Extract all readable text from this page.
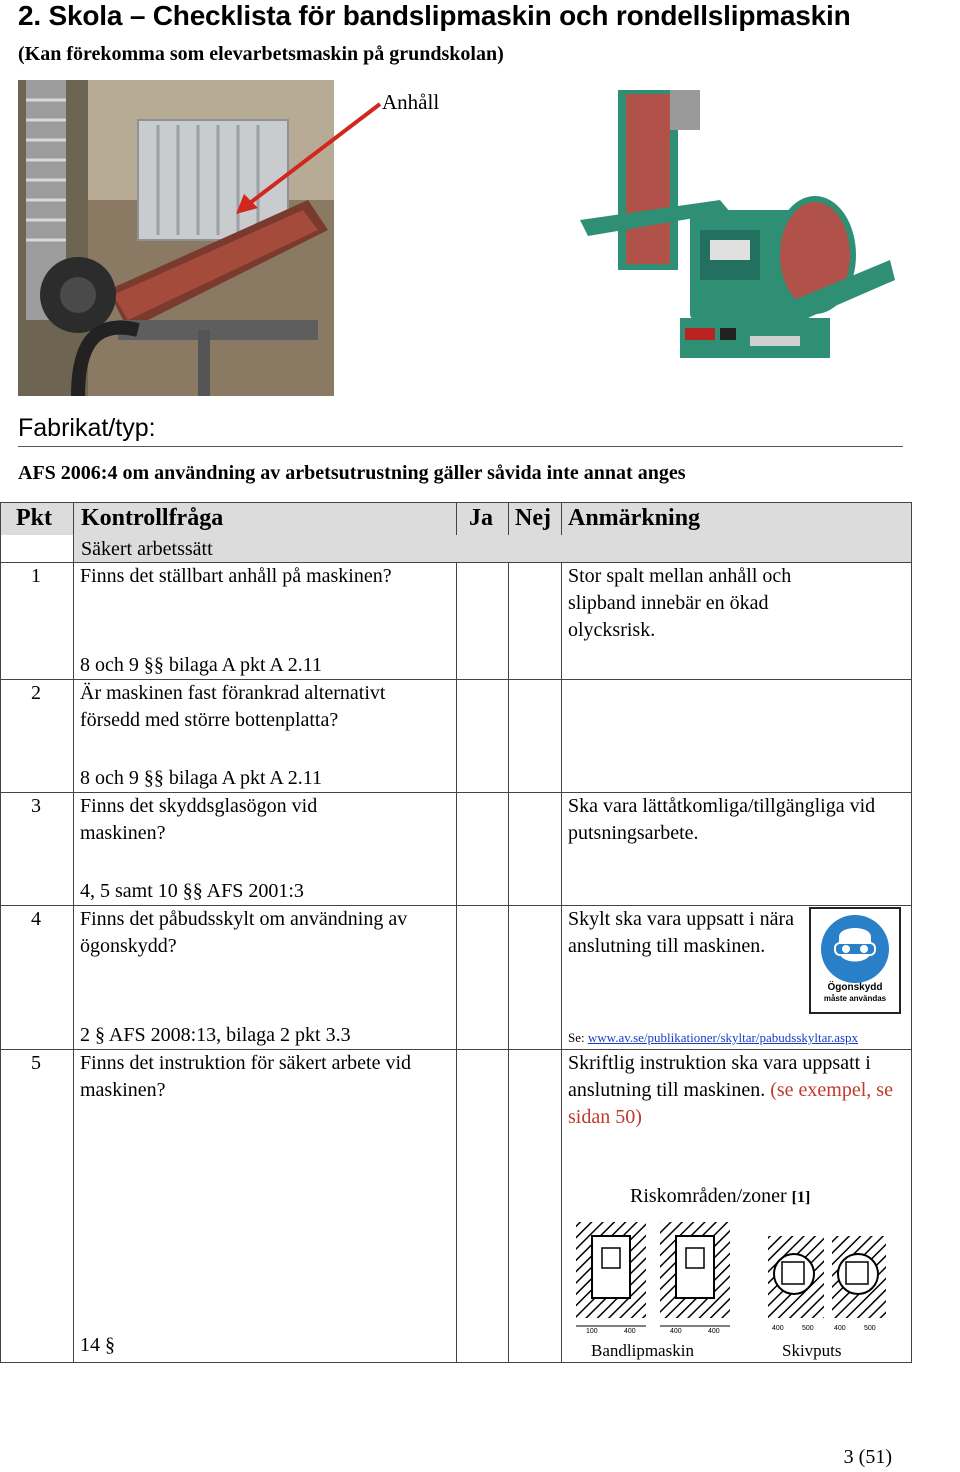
2. Skola – Checklista för bandslipmaskin och rondellslipmaskin
(Kan förekomma som elevarbetsmaskin på grundskolan)
Anhåll
Fabrikat/typ:
AFS 2006:4 om användning av arbetsutrustning gäller såvida inte annat anges
Pkt Kontrollfråga	Ja Nej Anmärkning
Säkert arbetssätt
1 Finns det ställbart anhåll på maskinen?
8 och 9 §§ bilaga A pkt A 2.11
Stor spalt mellan anhåll och slipband innebär en ökad olycksrisk.
2 Är maskinen fast förankrad alternativt försedd med större bottenplatta?
8 och 9 §§ bilaga A pkt A 2.11
3 Finns det skyddsglasögon vid maskinen?
4, 5 samt 10 §§ AFS 2001:3
Ska vara lättåtkomliga/tillgängliga vid putsningsarbete.
4 Finns det påbudsskylt om användning av ögonskydd?
2 § AFS 2008:13, bilaga 2 pkt 3.3
Skylt ska vara uppsatt i nära anslutning till maskinen.
Se: www.av.se/publikationer/skyltar/pabudsskyltar.aspx
Ögonskydd
måste användas
5 Finns det instruktion för säkert arbete vid maskinen?
14 §
Skriftlig instruktion ska vara uppsatt i anslutning till maskinen. (se exempel, se sidan 50)
Riskområden/zoner [1]
100	400	400	400	400	500	400	500
Bandlipmaskin	Skivputs
3 (51)
